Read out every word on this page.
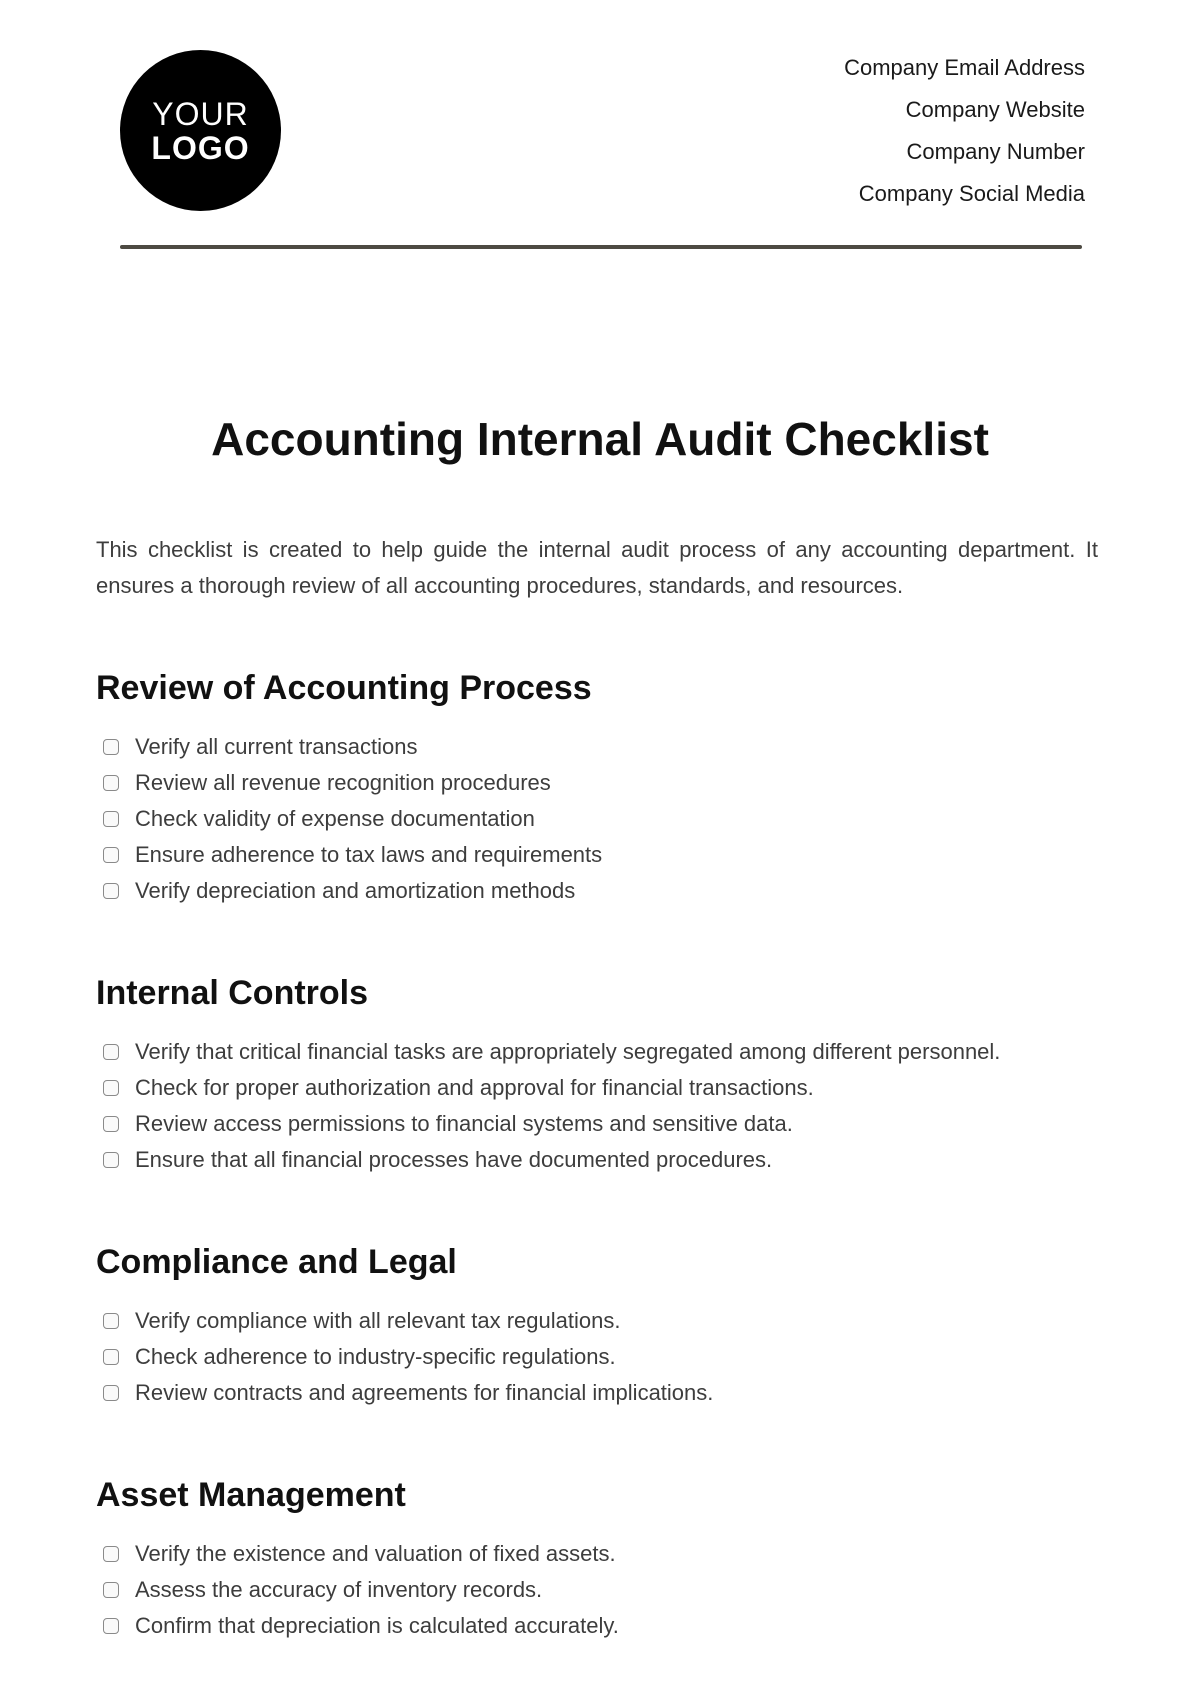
YOUR
LOGO
Company Email Address
Company Website
Company Number
Company Social Media
Accounting Internal Audit Checklist

This checklist is created to help guide the internal audit process of any accounting department. It ensures a thorough review of all accounting procedures, standards, and resources.

Review of Accounting Process
Verify all current transactions
Review all revenue recognition procedures
Check validity of expense documentation
Ensure adherence to tax laws and requirements
Verify depreciation and amortization methods
Internal Controls
Verify that critical financial tasks are appropriately segregated among different personnel.
Check for proper authorization and approval for financial transactions.
Review access permissions to financial systems and sensitive data.
Ensure that all financial processes have documented procedures.
Compliance and Legal
Verify compliance with all relevant tax regulations.
Check adherence to industry-specific regulations.
Review contracts and agreements for financial implications.
Asset Management
Verify the existence and valuation of fixed assets.
Assess the accuracy of inventory records.
Confirm that depreciation is calculated accurately.
